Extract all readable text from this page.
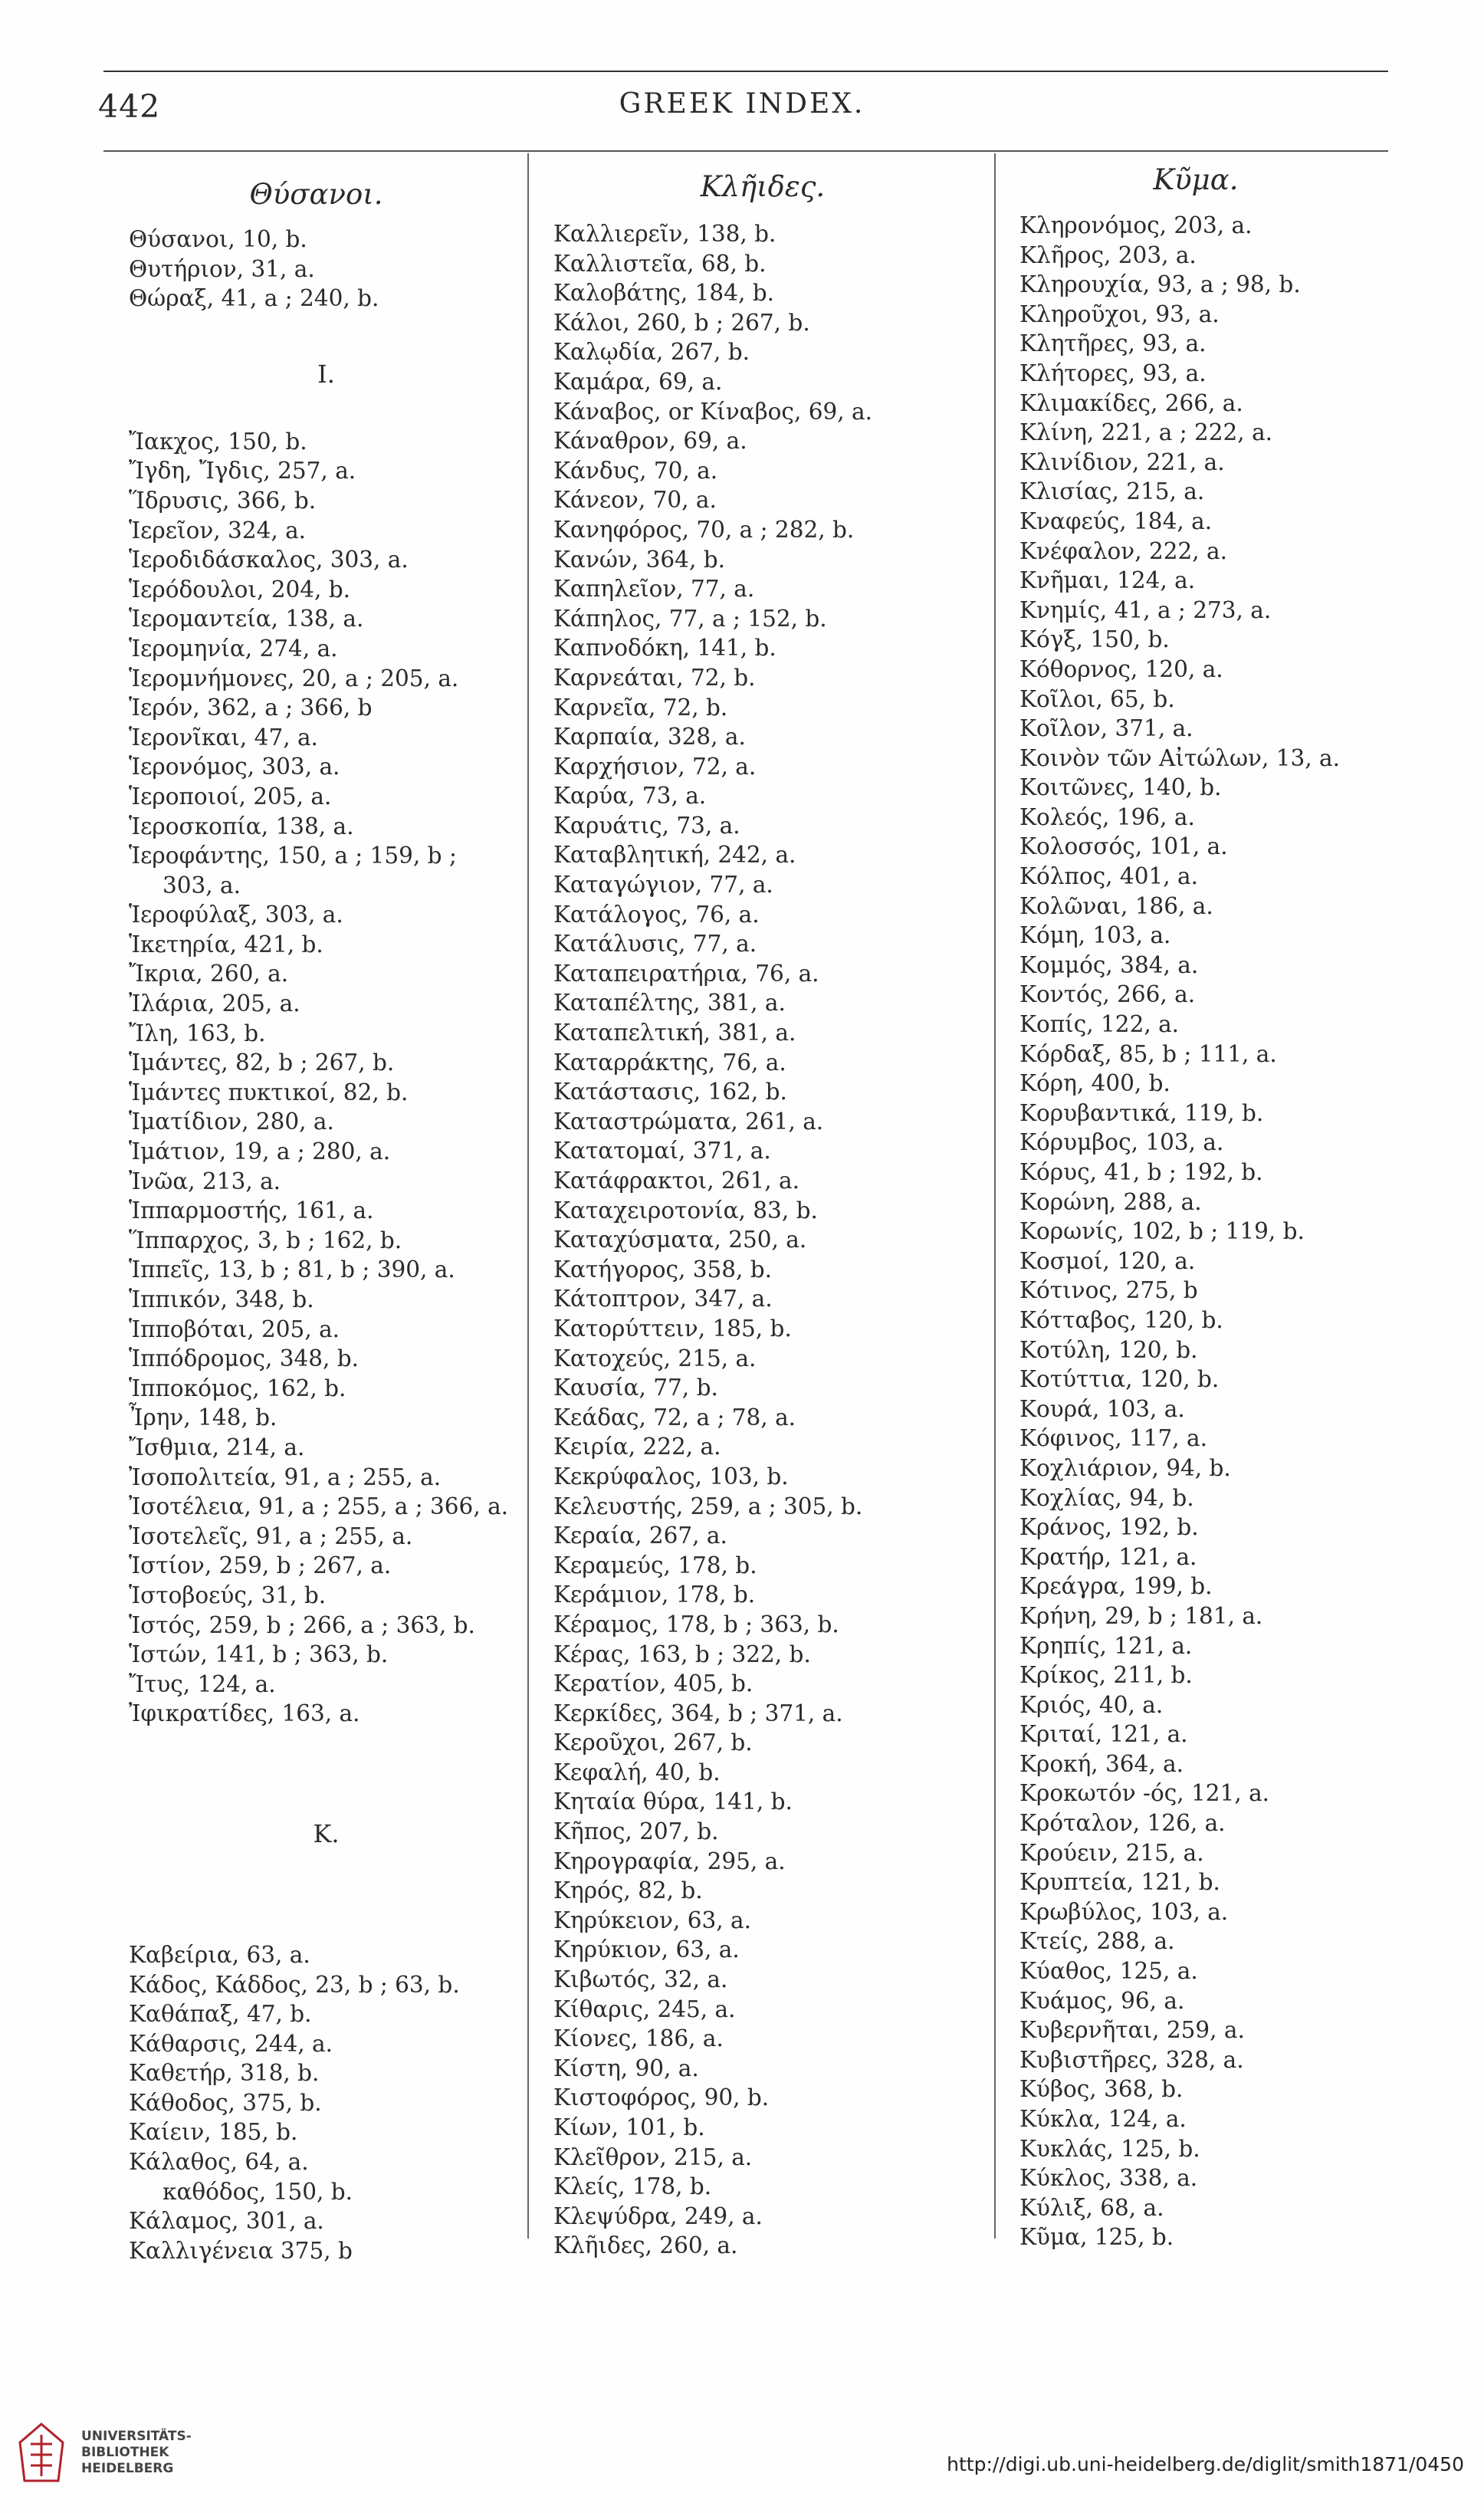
442	GREEK INDEX.
Θύσανοι.
Θύσανοι, 10, b.
Θυτήριον, 31, a.
Θώραξ, 41, a ; 240, b.
I.
Ἴακχος, 150, b.
Ἴγδη, Ἴγδις, 257, a.
Ἵδρυσις, 366, b.
Ἱερεῖον, 324, a.
Ἱεροδιδάσκαλος, 303, a.
Ἱερόδουλοι, 204, b.
Ἱερομαντεία, 138, a.
Ἱερομηνία, 274, a.
Ἱερομνήμονες, 20, a ; 205, a.
Ἱερόν, 362, a ; 366, b
Ἱερονῖκαι, 47, a.
Ἱερονόμος, 303, a.
Ἱεροποιοί, 205, a.
Ἱεροσκοπία, 138, a.
Ἱεροφάντης, 150, a ; 159, b ;
303, a.
Ἱεροφύλαξ, 303, a.
Ἱκετηρία, 421, b.
Ἴκρια, 260, a.
Ἰλάρια, 205, a.
Ἴλη, 163, b.
Ἱμάντες, 82, b ; 267, b.
Ἱμάντες πυκτικοί, 82, b.
Ἱματίδιον, 280, a.
Ἱμάτιον, 19, a ; 280, a.
Ἰνῶα, 213, a.
Ἱππαρμοστής, 161, a.
Ἵππαρχος, 3, b ; 162, b.
Ἱππεῖς, 13, b ; 81, b ; 390, a.
Ἱππικόν, 348, b.
Ἱπποβόται, 205, a.
Ἱππόδρομος, 348, b.
Ἱπποκόμος, 162, b.
Ἶρην, 148, b.
Ἴσθμια, 214, a.
Ἰσοπολιτεία, 91, a ; 255, a.
Ἰσοτέλεια, 91, a ; 255, a ; 366, a.
Ἰσοτελεῖς, 91, a ; 255, a.
Ἱστίον, 259, b ; 267, a.
Ἱστοβοεύς, 31, b.
Ἱστός, 259, b ; 266, a ; 363, b.
Ἱστών, 141, b ; 363, b.
Ἴτυς, 124, a.
Ἰφικρατίδες, 163, a.
K.
Καβείρια, 63, a.
Κάδος, Κάδδος, 23, b ; 63, b.
Καθάπαξ, 47, b.
Κάθαρσις, 244, a.
Καθετήρ, 318, b.
Κάθοδος, 375, b.
Καίειν, 185, b.
Κάλαθος, 64, a.
καθόδος, 150, b.
Κάλαμος, 301, a.
Καλλιγένεια 375, b
Κλῆιδες.
Καλλιερεῖν, 138, b.
Καλλιστεῖα, 68, b.
Καλοβάτης, 184, b.
Κάλοι, 260, b ; 267, b.
Καλῳδία, 267, b.
Καμάρα, 69, a.
Κάναβος, or Κίναβος, 69, a.
Κάναθρον, 69, a.
Κάνδυς, 70, a.
Κάνεον, 70, a.
Κανηφόρος, 70, a ; 282, b.
Κανών, 364, b.
Καπηλεῖον, 77, a.
Κάπηλος, 77, a ; 152, b.
Καπνοδόκη, 141, b.
Καρνεάται, 72, b.
Καρνεῖα, 72, b.
Καρπαία, 328, a.
Καρχήσιον, 72, a.
Καρύα, 73, a.
Καρυάτις, 73, a.
Καταβλητική, 242, a.
Καταγώγιον, 77, a.
Κατάλογος, 76, a.
Κατάλυσις, 77, a.
Καταπειρατήρια, 76, a.
Καταπέλτης, 381, a.
Καταπελτική, 381, a.
Καταρράκτης, 76, a.
Κατάστασις, 162, b.
Καταστρώματα, 261, a.
Κατατομαί, 371, a.
Κατάφρακτοι, 261, a.
Καταχειροτονία, 83, b.
Καταχύσματα, 250, a.
Κατήγορος, 358, b.
Κάτοπτρον, 347, a.
Κατορύττειν, 185, b.
Κατοχεύς, 215, a.
Καυσία, 77, b.
Κεάδας, 72, a ; 78, a.
Κειρία, 222, a.
Κεκρύφαλος, 103, b.
Κελευστής, 259, a ; 305, b.
Κεραία, 267, a.
Κεραμεύς, 178, b.
Κεράμιον, 178, b.
Κέραμος, 178, b ; 363, b.
Κέρας, 163, b ; 322, b.
Κερατίον, 405, b.
Κερκίδες, 364, b ; 371, a.
Κεροῦχοι, 267, b.
Κεφαλή, 40, b.
Κηταία θύρα, 141, b.
Κῆπος, 207, b.
Κηρογραφία, 295, a.
Κηρός, 82, b.
Κηρύκειον, 63, a.
Κηρύκιον, 63, a.
Κιβωτός, 32, a.
Κίθαρις, 245, a.
Κίονες, 186, a.
Κίστη, 90, a.
Κιστοφόρος, 90, b.
Κίων, 101, b.
Κλεῖθρον, 215, a.
Κλείς, 178, b.
Κλεψύδρα, 249, a.
Κλῆιδες, 260, a.
Κῦμα.
Κληρονόμος, 203, a.
Κλῆρος, 203, a.
Κληρουχία, 93, a ; 98, b.
Κληροῦχοι, 93, a.
Κλητῆρες, 93, a.
Κλήτορες, 93, a.
Κλιμακίδες, 266, a.
Κλίνη, 221, a ; 222, a.
Κλινίδιον, 221, a.
Κλισίας, 215, a.
Κναφεύς, 184, a.
Κνέφαλον, 222, a.
Κνῆμαι, 124, a.
Κνημίς, 41, a ; 273, a.
Κόγξ, 150, b.
Κόθορνος, 120, a.
Κοῖλοι, 65, b.
Κοῖλον, 371, a.
Κοινὸν τῶν Αἰτώλων, 13, a.
Κοιτῶνες, 140, b.
Κολεός, 196, a.
Κολοσσός, 101, a.
Κόλπος, 401, a.
Κολῶναι, 186, a.
Κόμη, 103, a.
Κομμός, 384, a.
Κοντός, 266, a.
Κοπίς, 122, a.
Κόρδαξ, 85, b ; 111, a.
Κόρη, 400, b.
Κορυβαντικά, 119, b.
Κόρυμβος, 103, a.
Κόρυς, 41, b ; 192, b.
Κορώνη, 288, a.
Κορωνίς, 102, b ; 119, b.
Κοσμοί, 120, a.
Κότινος, 275, b
Κότταβος, 120, b.
Κοτύλη, 120, b.
Κοτύττια, 120, b.
Κουρά, 103, a.
Κόφινος, 117, a.
Κοχλιάριον, 94, b.
Κοχλίας, 94, b.
Κράνος, 192, b.
Κρατήρ, 121, a.
Κρεάγρα, 199, b.
Κρήνη, 29, b ; 181, a.
Κρηπίς, 121, a.
Κρίκος, 211, b.
Κριός, 40, a.
Κριταί, 121, a.
Κροκή, 364, a.
Κροκωτόν -ός, 121, a.
Κρόταλον, 126, a.
Κρούειν, 215, a.
Κρυπτεία, 121, b.
Κρωβύλος, 103, a.
Κτείς, 288, a.
Κύαθος, 125, a.
Κυάμος, 96, a.
Κυβερνῆται, 259, a.
Κυβιστῆρες, 328, a.
Κύβος, 368, b.
Κύκλα, 124, a.
Κυκλάς, 125, b.
Κύκλος, 338, a.
Κύλιξ, 68, a.
Κῦμα, 125, b.
UNIVERSITÄTS-
BIBLIOTHEK
HEIDELBERG	http://digi.ub.uni-heidelberg.de/diglit/smith1871/0450
